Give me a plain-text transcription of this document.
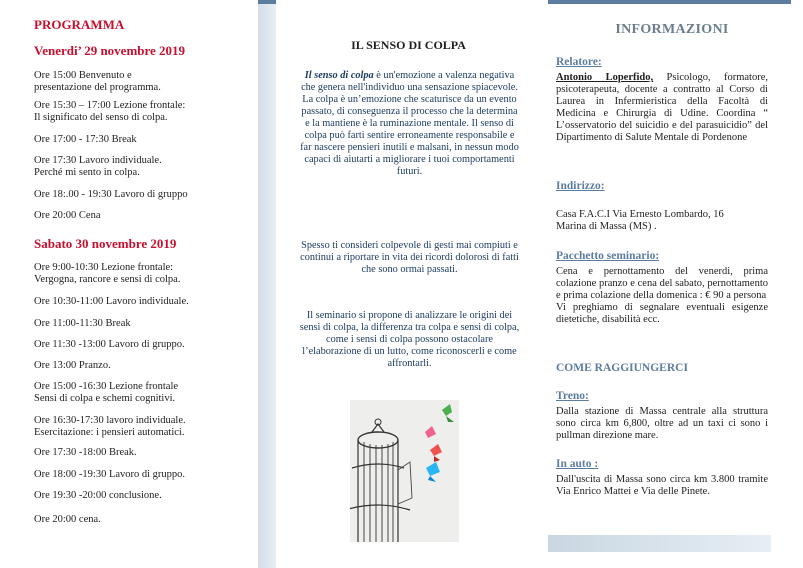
PROGRAMMA
Venerdi’ 29 novembre 2019
Ore 15:00 Benvenuto e
presentazione del programma.
Ore 15:30 – 17:00 Lezione frontale:
Il significato del senso di colpa.
Ore 17:00 - 17:30 Break
Ore 17:30 Lavoro individuale.
Perché mi sento in colpa.
Ore 18:.00 - 19:30 Lavoro di gruppo
Ore 20:00 Cena
Sabato 30 novembre 2019
Ore 9:00-10:30 Lezione frontale:
Vergogna, rancore e sensi di colpa.
Ore 10:30-11:00 Lavoro individuale.
Ore 11:00-11:30 Break
Ore 11:30 -13:00 Lavoro di gruppo.
Ore 13:00 Pranzo.
Ore 15:00 -16:30 Lezione frontale
Sensi di colpa e schemi cognitivi.
Ore 16:30-17:30 lavoro individuale.
Esercitazione: i pensieri automatici.
Ore 17:30 -18:00 Break.
Ore 18:00 -19:30 Lavoro di gruppo.
Ore 19:30 -20:00 conclusione.
Ore 20:00 cena.
IL SENSO DI COLPA
Il senso di colpa è un'emozione a valenza negativa che genera nell'individuo una sensazione spiacevole. La colpa è un’emozione che scaturisce da un evento passato, di conseguenza il processo che la determina e la mantiene è la ruminazione mentale. Il senso di colpa può farti sentire erroneamente responsabile e far nascere pensieri inutili e malsani, in nessun modo capaci di aiutarti a migliorare i tuoi comportamenti futuri.
Spesso ti consideri colpevole di gesti mai compiuti e continui a riportare in vita dei ricordi dolorosi di fatti che sono ormai passati.
Il seminario si propone di analizzare le origini dei sensi di colpa, la differenza tra colpa e sensi di colpa, come i sensi di colpa possono ostacolare l’elaborazione di un lutto, come riconoscerli e come affrontarli.
INFORMAZIONI
Relatore:
Antonio Loperfido, Psicologo, formatore, psicoterapeuta, docente a contratto al Corso di Laurea in Infermieristica della Facoltà di Medicina e Chirurgia di Udine. Coordina “ L’osservatorio del suicidio e del parasuicidio” del Dipartimento di Salute Mentale di Pordenone
Indirizzo:
Casa F.A.C.I Via Ernesto Lombardo, 16
Marina di Massa (MS) .
Pacchetto seminario:
Cena e pernottamento del venerdi, prima colazione pranzo e cena del sabato, pernottamento e prima colazione della domenica : € 90 a persona
Vi preghiamo di segnalare eventuali esigenze dietetiche, disabilità ecc.
COME RAGGIUNGERCI
Treno:
Dalla stazione di Massa centrale alla struttura sono circa km 6,800, oltre ad un taxi ci sono i pullman direzione mare.
In auto :
Dall'uscita di Massa sono circa km 3.800 tramite Via Enrico Mattei e Via delle Pinete.
